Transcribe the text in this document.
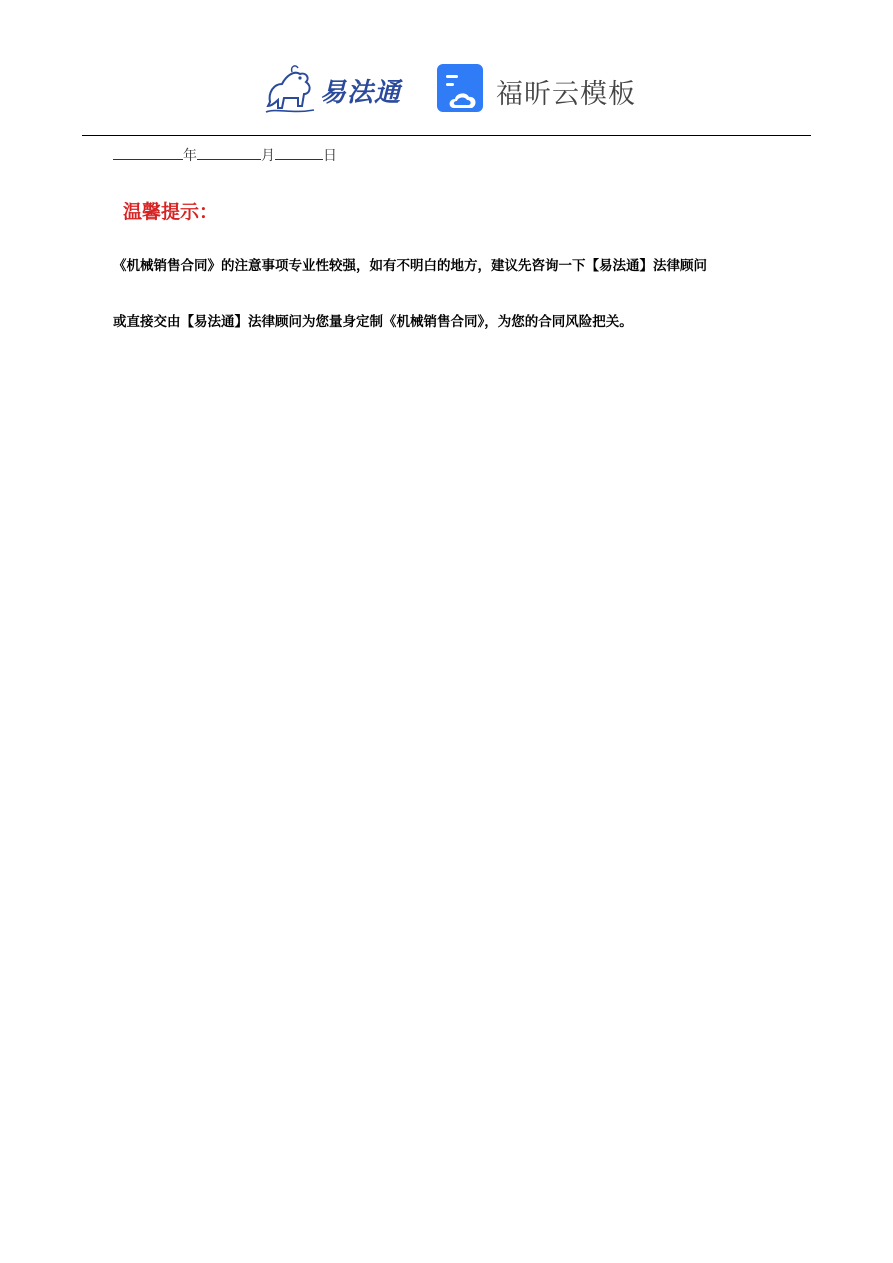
易法通	福昕云模板
年	月	日
温馨提示：
《机械销售合同》的注意事项专业性较强，如有不明白的地方，建议先咨询一下【易法通】法律顾问
或直接交由【易法通】法律顾问为您量身定制《机械销售合同》，为您的合同风险把关。
